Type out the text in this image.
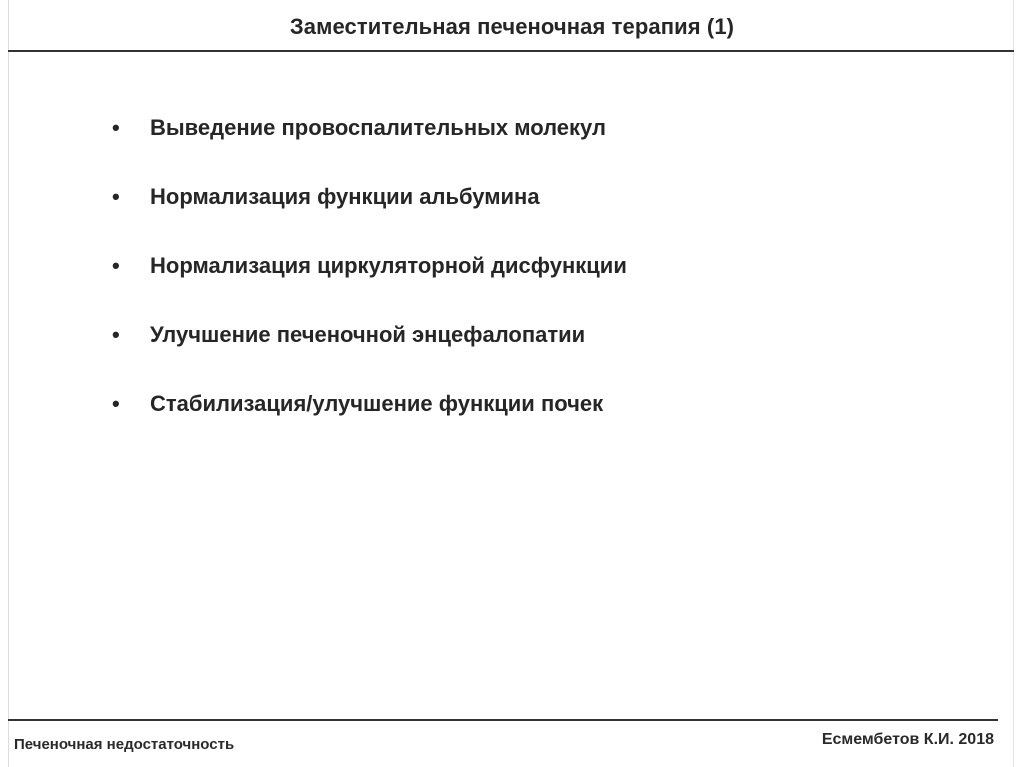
Заместительная печеночная терапия (1)
•	Выведение провоспалительных молекул
•	Нормализация функции альбумина
•	Нормализация циркуляторной дисфункции
•	Улучшение печеночной энцефалопатии
•	Стабилизация/улучшение функции почек
Печеночная недостаточность	Есмембетов К.И. 2018
